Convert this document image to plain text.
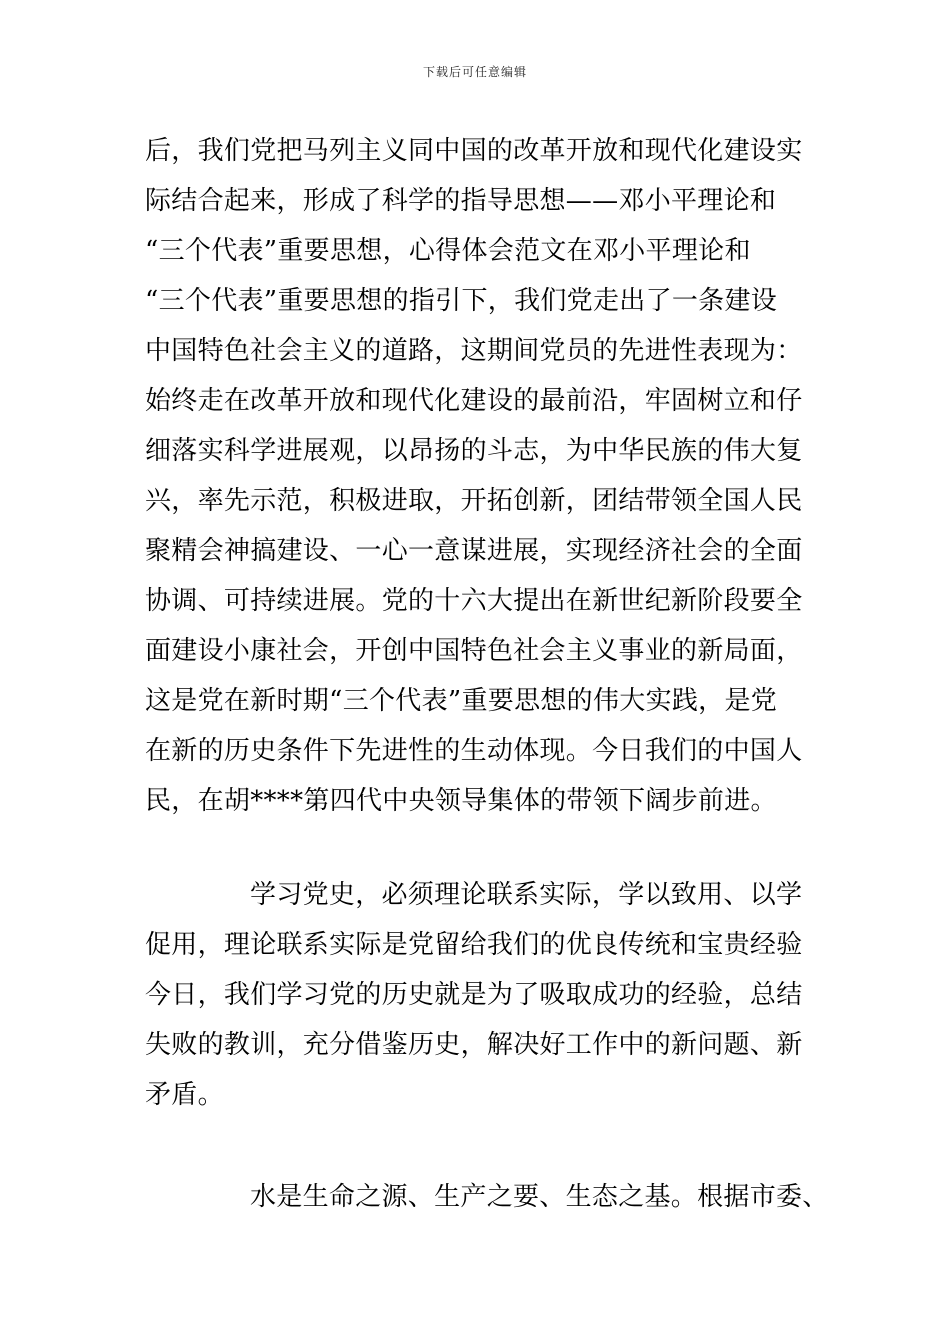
下载后可任意编辑
后，我们党把马列主义同中国的改革开放和现代化建设实
际结合起来，形成了科学的指导思想——邓小平理论和
“三个代表”重要思想，心得体会范文在邓小平理论和
“三个代表”重要思想的指引下，我们党走出了一条建设
中国特色社会主义的道路，这期间党员的先进性表现为：
始终走在改革开放和现代化建设的最前沿，牢固树立和仔
细落实科学进展观，以昂扬的斗志，为中华民族的伟大复
兴，率先示范，积极进取，开拓创新，团结带领全国人民
聚精会神搞建设、一心一意谋进展，实现经济社会的全面
协调、可持续进展。党的十六大提出在新世纪新阶段要全
面建设小康社会，开创中国特色社会主义事业的新局面，
这是党在新时期“三个代表”重要思想的伟大实践，是党
在新的历史条件下先进性的生动体现。今日我们的中国人
民，在胡****第四代中央领导集体的带领下阔步前进。
学习党史，必须理论联系实际，学以致用、以学
促用，理论联系实际是党留给我们的优良传统和宝贵经验
今日，我们学习党的历史就是为了吸取成功的经验，总结
失败的教训，充分借鉴历史，解决好工作中的新问题、新
矛盾。
水是生命之源、生产之要、生态之基。根据市委、
